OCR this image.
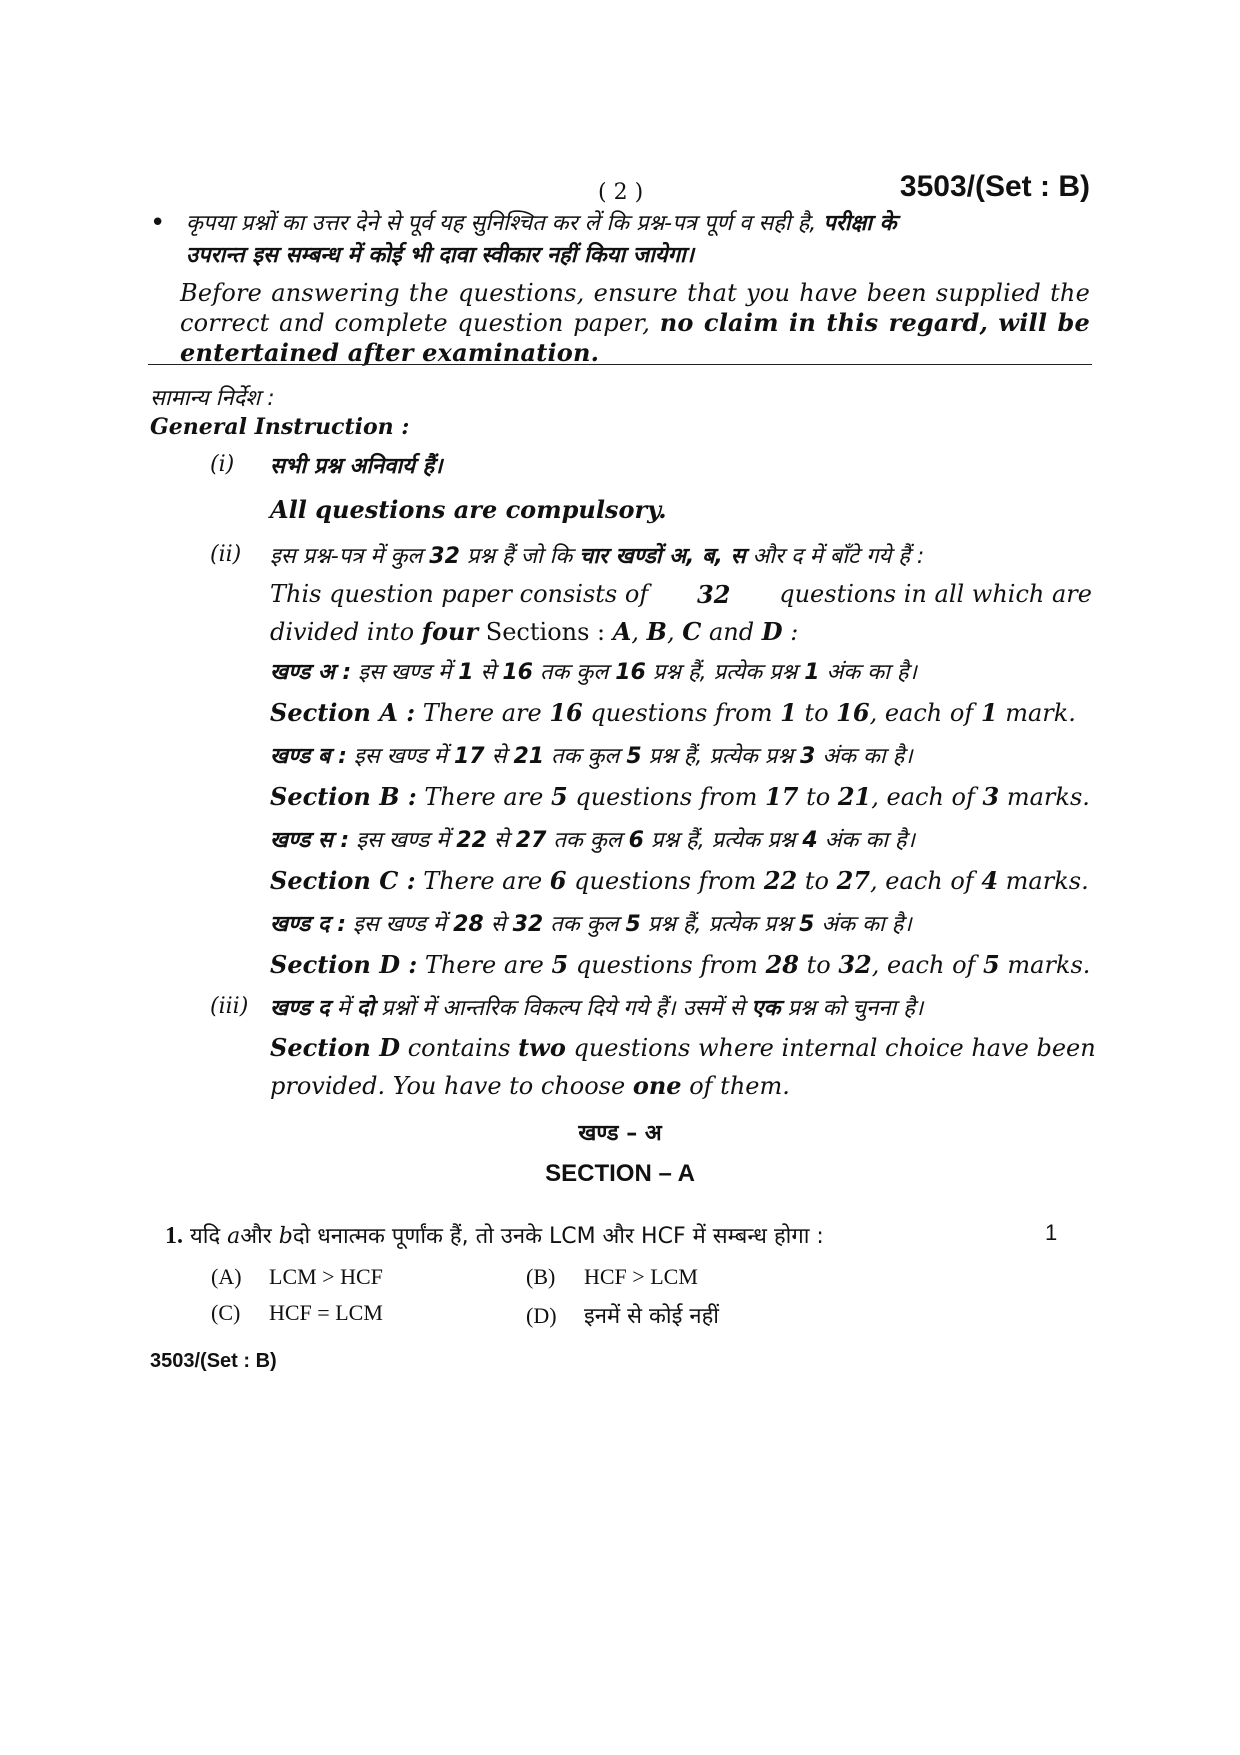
( 2 )	3503/(Set : B)
• कृपया प्रश्नों का उत्तर देने से पूर्व यह सुनिश्चित कर लें कि प्रश्न-पत्र पूर्ण व सही है, परीक्षा के
उपरान्त इस सम्बन्ध में कोई भी दावा स्वीकार नहीं किया जायेगा।
Before answering the questions, ensure that you have been supplied the correct and complete question paper, no claim in this regard, will be entertained after examination.
सामान्य निर्देश :
General Instruction :
(i) सभी प्रश्न अनिवार्य हैं।
All questions are compulsory.
(ii) इस प्रश्न-पत्र में कुल 32 प्रश्न हैं जो कि चार खण्डों अ, ब, स और द में बाँटे गये हैं :
This question paper consists of 32 questions in all which are
divided into four Sections : A, B, C and D :
खण्ड अ : इस खण्ड में 1 से 16 तक कुल 16 प्रश्न हैं, प्रत्येक प्रश्न 1 अंक का है।
Section A : There are 16 questions from 1 to 16, each of 1 mark.
खण्ड ब : इस खण्ड में 17 से 21 तक कुल 5 प्रश्न हैं, प्रत्येक प्रश्न 3 अंक का है।
Section B : There are 5 questions from 17 to 21, each of 3 marks.
खण्ड स : इस खण्ड में 22 से 27 तक कुल 6 प्रश्न हैं, प्रत्येक प्रश्न 4 अंक का है।
Section C : There are 6 questions from 22 to 27, each of 4 marks.
खण्ड द : इस खण्ड में 28 से 32 तक कुल 5 प्रश्न हैं, प्रत्येक प्रश्न 5 अंक का है।
Section D : There are 5 questions from 28 to 32, each of 5 marks.
(iii) खण्ड द में दो प्रश्नों में आन्तरिक विकल्प दिये गये हैं। उसमें से एक प्रश्न को चुनना है।
Section D contains two questions where internal choice have been
provided. You have to choose one of them.
खण्ड – अ
SECTION – A
1. यदि aऔर bदो धनात्मक पूर्णांक हैं, तो उनके LCM और HCF में सम्बन्ध होगा :	1
(A) LCM > HCF	(B) HCF > LCM
(C) HCF = LCM	(D) इनमें से कोई नहीं
3503/(Set : B)
